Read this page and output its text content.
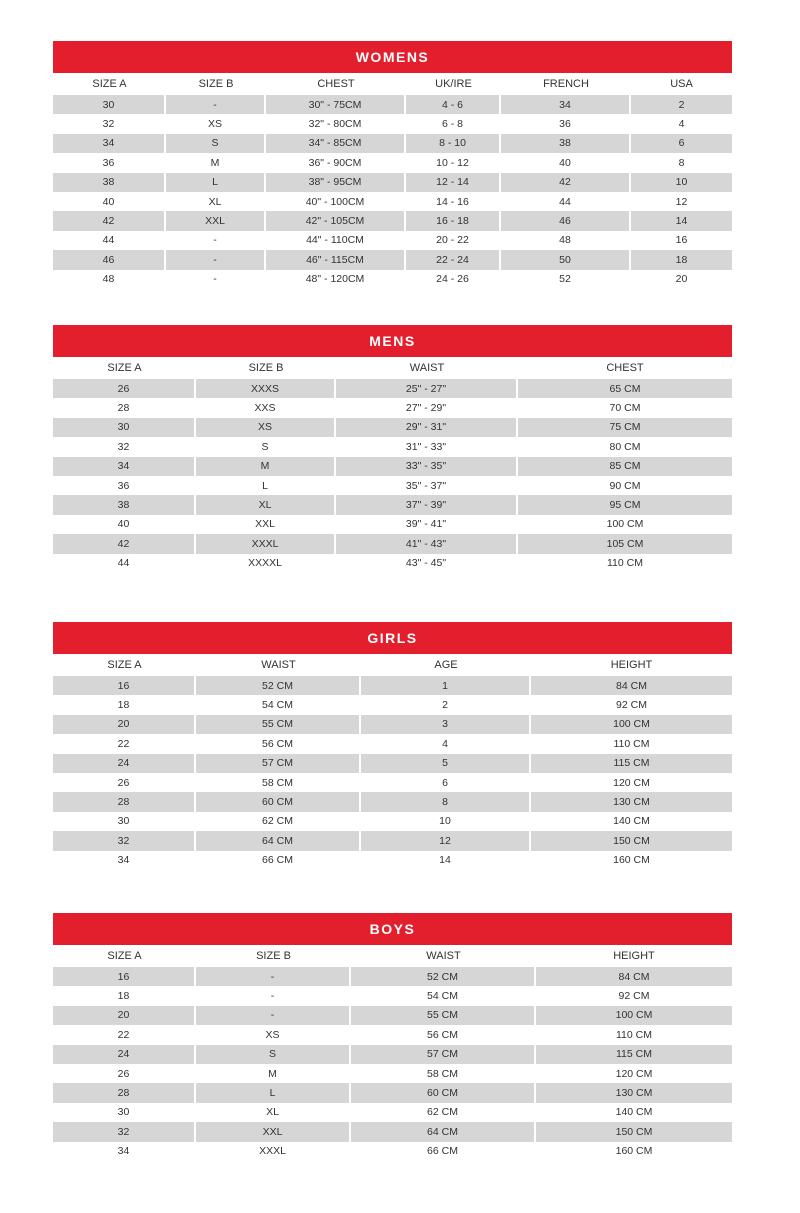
WOMENS
SIZE A	SIZE B	CHEST	UK/IRE	FRENCH	USA
30	-	30" - 75CM	4 - 6	34	2
32	XS	32" - 80CM	6 - 8	36	4
34	S	34" - 85CM	8 - 10	38	6
36	M	36" - 90CM	10 - 12	40	8
38	L	38" - 95CM	12 - 14	42	10
40	XL	40" - 100CM	14 - 16	44	12
42	XXL	42" - 105CM	16 - 18	46	14
44	-	44" - 110CM	20 - 22	48	16
46	-	46" - 115CM	22 - 24	50	18
48	-	48" - 120CM	24 - 26	52	20
MENS
SIZE A	SIZE B	WAIST	CHEST
26	XXXS	25" - 27"	65 CM
28	XXS	27" - 29"	70 CM
30	XS	29" - 31"	75 CM
32	S	31" - 33"	80 CM
34	M	33" - 35"	85 CM
36	L	35" - 37"	90 CM
38	XL	37" - 39"	95 CM
40	XXL	39" - 41"	100 CM
42	XXXL	41" - 43"	105 CM
44	XXXXL	43" - 45"	110 CM
GIRLS
SIZE A	WAIST	AGE	HEIGHT
16	52 CM	1	84 CM
18	54 CM	2	92 CM
20	55 CM	3	100 CM
22	56 CM	4	110 CM
24	57 CM	5	115 CM
26	58 CM	6	120 CM
28	60 CM	8	130 CM
30	62 CM	10	140 CM
32	64 CM	12	150 CM
34	66 CM	14	160 CM
BOYS
SIZE A	SIZE B	WAIST	HEIGHT
16	-	52 CM	84 CM
18	-	54 CM	92 CM
20	-	55 CM	100 CM
22	XS	56 CM	110 CM
24	S	57 CM	115 CM
26	M	58 CM	120 CM
28	L	60 CM	130 CM
30	XL	62 CM	140 CM
32	XXL	64 CM	150 CM
34	XXXL	66 CM	160 CM
